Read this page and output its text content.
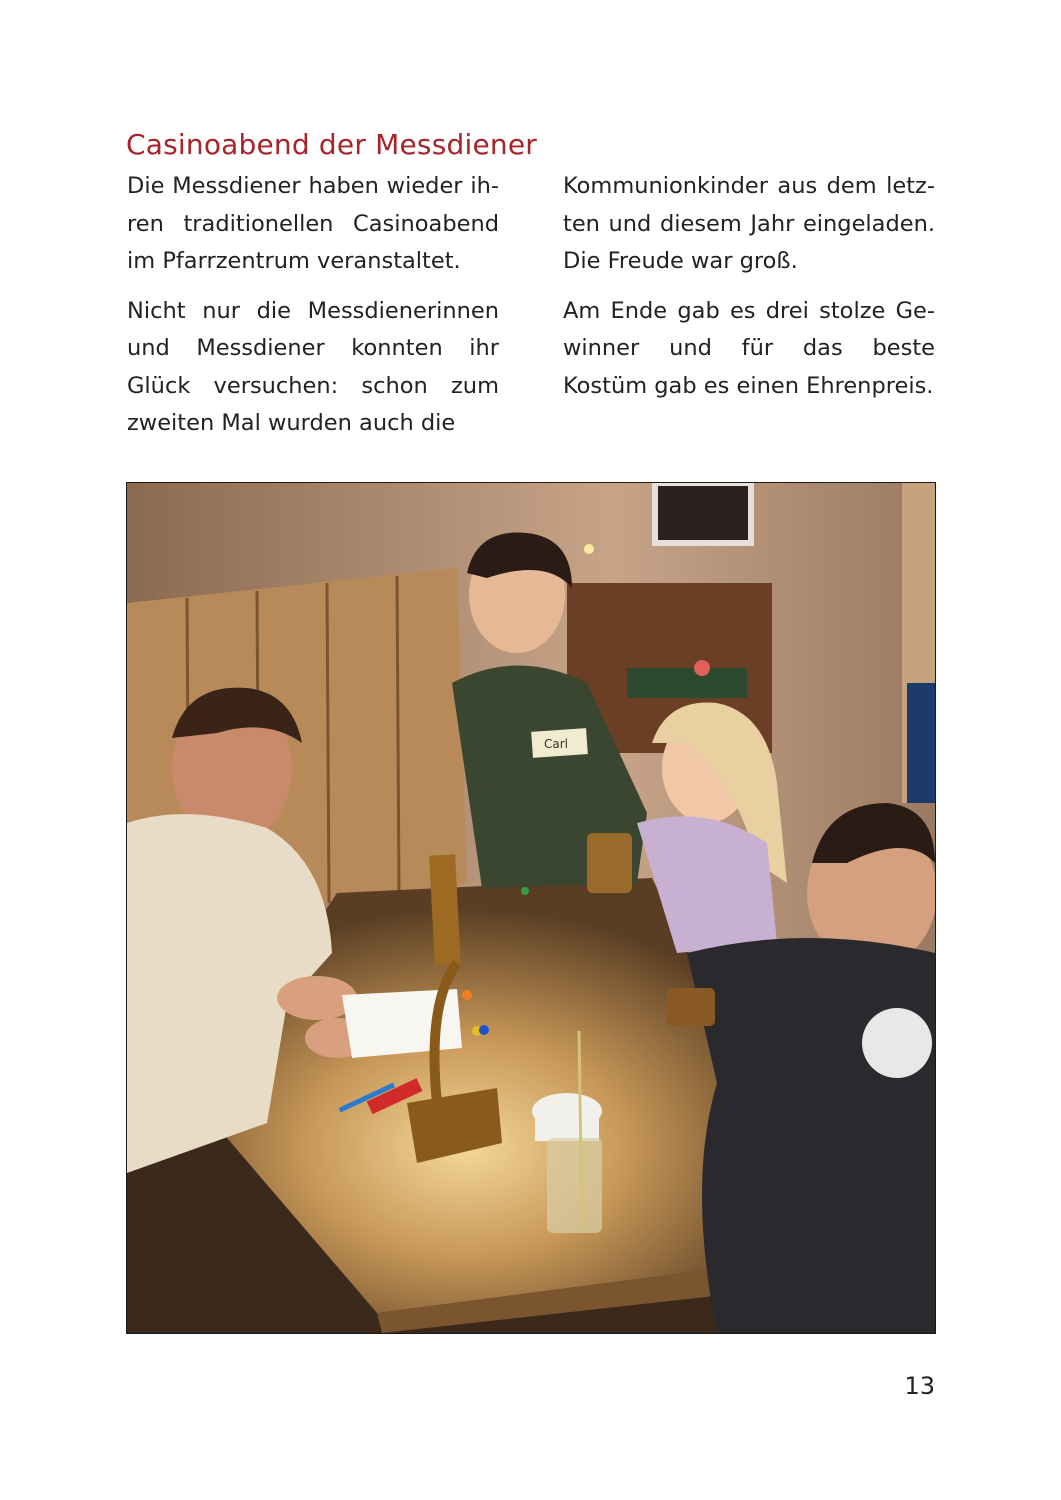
Casinoabend der Messdiener

Die Messdiener haben wieder ihren traditionellen Casinoabend im Pfarrzentrum veranstaltet.

Nicht nur die Messdienerinnen und Messdiener konnten ihr Glück versuchen: schon zum zweiten Mal wurden auch die

Kommunionkinder aus dem letzten und diesem Jahr eingeladen. Die Freude war groß.

Am Ende gab es drei stolze Gewinner und für das beste Kostüm gab es einen Ehrenpreis.

Carl
13
